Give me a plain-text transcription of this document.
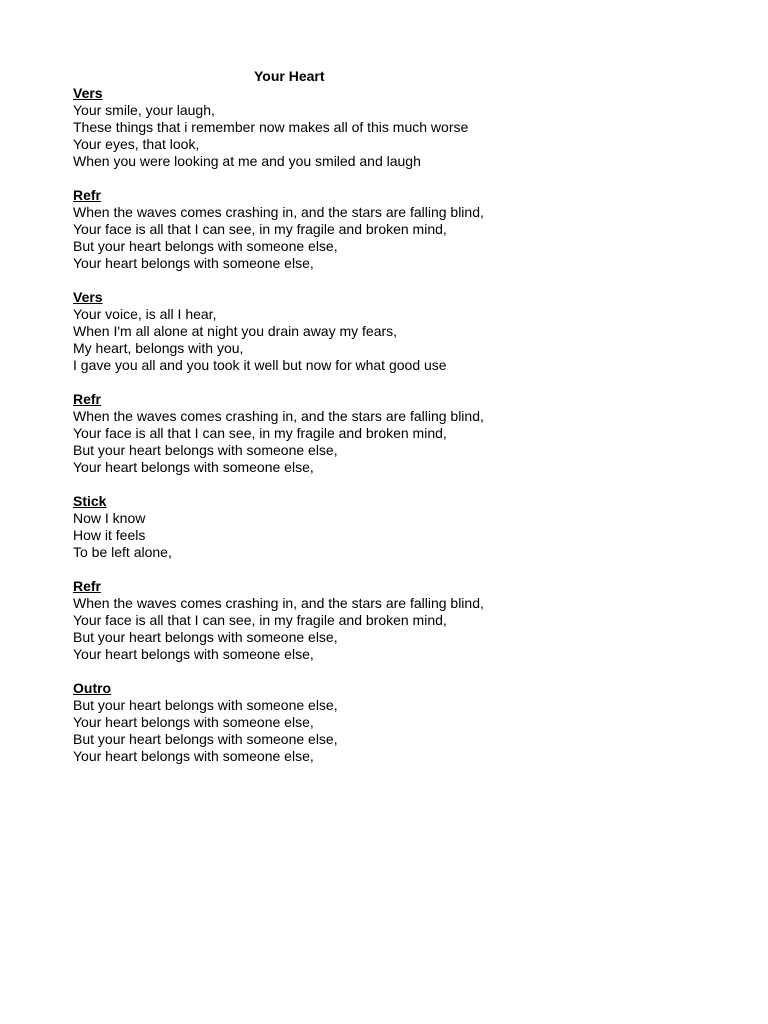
Your Heart
Vers
Your smile, your laugh,
These things that i remember now makes all of this much worse
Your eyes, that look,
When you were looking at me and you smiled and laugh
Refr
When the waves comes crashing in, and the stars are falling blind,
Your face is all that I can see, in my fragile and broken mind,
But your heart belongs with someone else,
Your heart belongs with someone else,
Vers
Your voice, is all I hear,
When I'm all alone at night you drain away my fears,
My heart, belongs with you,
I gave you all and you took it well but now for what good use
Refr
When the waves comes crashing in, and the stars are falling blind,
Your face is all that I can see, in my fragile and broken mind,
But your heart belongs with someone else,
Your heart belongs with someone else,
Stick
Now I know
How it feels
To be left alone,
Refr
When the waves comes crashing in, and the stars are falling blind,
Your face is all that I can see, in my fragile and broken mind,
But your heart belongs with someone else,
Your heart belongs with someone else,
Outro
But your heart belongs with someone else,
Your heart belongs with someone else,
But your heart belongs with someone else,
Your heart belongs with someone else,
